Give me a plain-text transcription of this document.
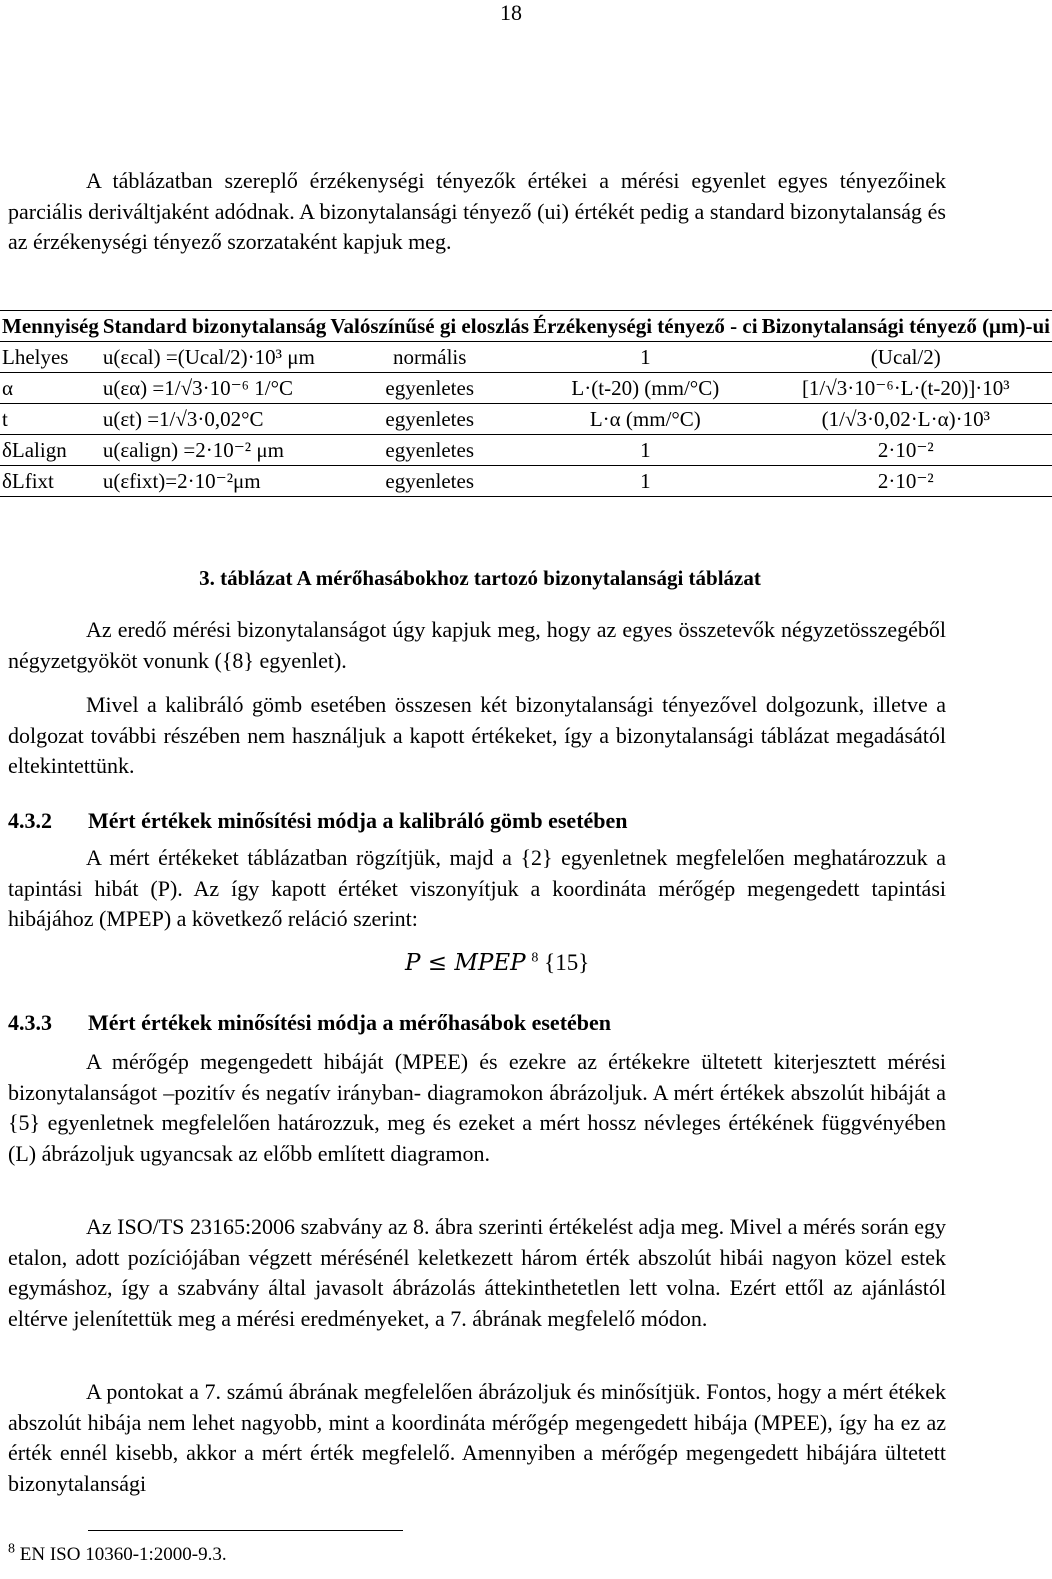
18

A táblázatban szereplő érzékenységi tényezők értékei a mérési egyenlet egyes tényezőinek parciális deriváltjaként adódnak. A bizonytalansági tényező (ui) értékét pedig a standard bizonytalanság és az érzékenységi tényező szorzataként kapjuk meg.

Mennyiség	Standard bizonytalanság	Valószínűsé gi eloszlás	Érzékenységi tényező - ci	Bizonytalansági tényező (μm)-ui
Lhelyes	u(εcal) =(Ucal/2)·10³ μm	normális	1	(Ucal/2)
α	u(εα) =1/√3·10⁻⁶ 1/°C	egyenletes	L·(t-20) (mm/°C)	[1/√3·10⁻⁶·L·(t-20)]·10³
t	u(εt) =1/√3·0,02°C	egyenletes	L·α (mm/°C)	(1/√3·0,02·L·α)·10³
δLalign	u(εalign) =2·10⁻² μm	egyenletes	1	2·10⁻²
δLfixt	u(εfixt)=2·10⁻²μm	egyenletes	1	2·10⁻²
3. táblázat A mérőhasábokhoz tartozó bizonytalansági táblázat

Az eredő mérési bizonytalanságot úgy kapjuk meg, hogy az egyes összetevők négyzetösszegéből négyzetgyököt vonunk ({8} egyenlet).

Mivel a kalibráló gömb esetében összesen két bizonytalansági tényezővel dolgozunk, illetve a dolgozat további részében nem használjuk a kapott értékeket, így a bizonytalansági táblázat megadásától eltekintettünk.

4.3.2 Mért értékek minősítési módja a kalibráló gömb esetében

A mért értékeket táblázatban rögzítjük, majd a {2} egyenletnek megfelelően meghatározzuk a tapintási hibát (P). Az így kapott értéket viszonyítjuk a koordináta mérőgép megengedett tapintási hibájához (MPEP) a következő reláció szerint:

P ≤ MPEP $^8$ {15}
4.3.3 Mért értékek minősítési módja a mérőhasábok esetében

A mérőgép megengedett hibáját (MPEE) és ezekre az értékekre ültetett kiterjesztett mérési bizonytalanságot –pozitív és negatív irányban- diagramokon ábrázoljuk. A mért értékek abszolút hibáját a {5} egyenletnek megfelelően határozzuk, meg és ezeket a mért hossz névleges értékének függvényében (L) ábrázoljuk ugyancsak az előbb említett diagramon.

Az ISO/TS 23165:2006 szabvány az 8. ábra szerinti értékelést adja meg. Mivel a mérés során egy etalon, adott pozíciójában végzett mérésénél keletkezett három érték abszolút hibái nagyon közel estek egymáshoz, így a szabvány által javasolt ábrázolás áttekinthetetlen lett volna. Ezért ettől az ajánlástól eltérve jelenítettük meg a mérési eredményeket, a 7. ábrának megfelelő módon.

A pontokat a 7. számú ábrának megfelelően ábrázoljuk és minősítjük. Fontos, hogy a mért étékek abszolút hibája nem lehet nagyobb, mint a koordináta mérőgép megengedett hibája (MPEE), így ha ez az érték ennél kisebb, akkor a mért érték megfelelő. Amennyiben a mérőgép megengedett hibájára ültetett bizonytalansági

$^8$ EN ISO 10360-1:2000-9.3.
